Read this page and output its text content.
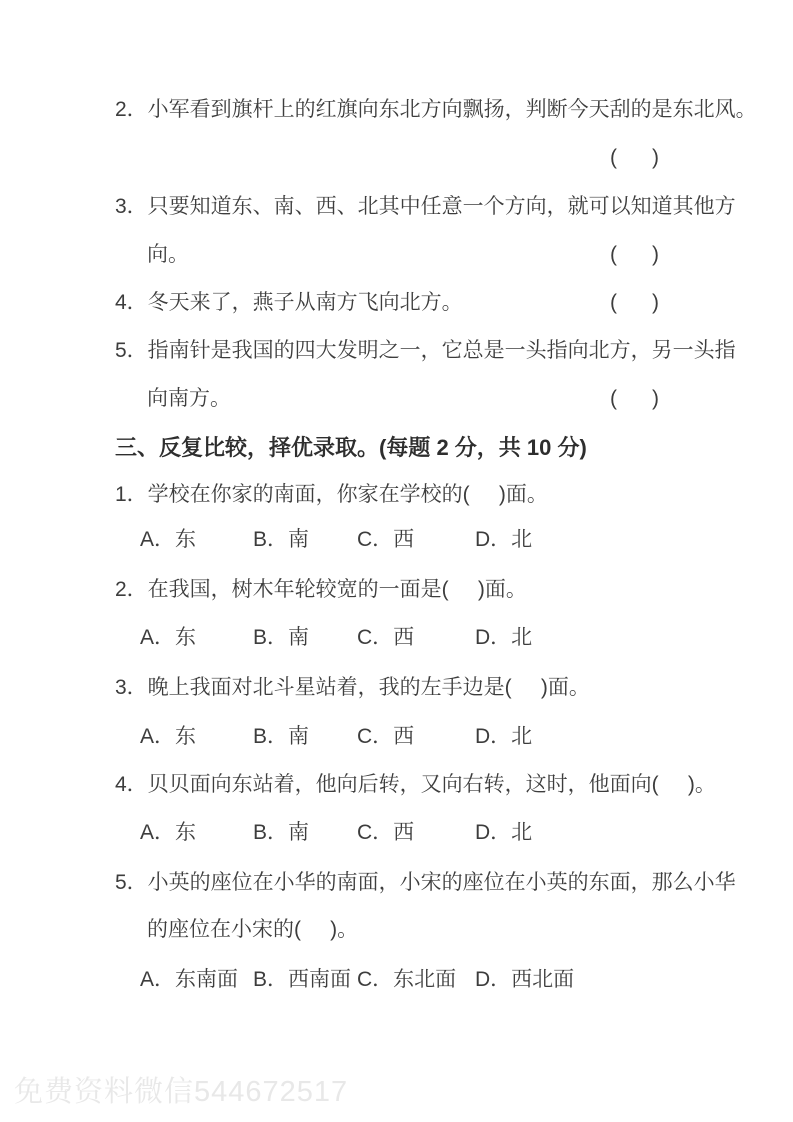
2．小军看到旗杆上的红旗向东北方向飘扬，判断今天刮的是东北风。
(      )
3．只要知道东、南、西、北其中任意一个方向，就可以知道其他方
向。	(      )
4．冬天来了，燕子从南方飞向北方。	(      )
5．指南针是我国的四大发明之一，它总是一头指向北方，另一头指
向南方。	(      )
三、反复比较，择优录取。(每题 2 分，共 10 分)
1．学校在你家的南面，你家在学校的(     )面。
A．东	B．南 C．西	D．北
2．在我国，树木年轮较宽的一面是(     )面。
A．东	B．南 C．西	D．北
3．晚上我面对北斗星站着，我的左手边是(     )面。
A．东	B．南 C．西	D．北
4．贝贝面向东站着，他向后转，又向右转，这时，他面向(     )。
A．东	B．南 C．西	D．北
5．小英的座位在小华的南面，小宋的座位在小英的东面，那么小华
的座位在小宋的(     )。
A．东南面 B．西南面 C．东北面 D．西北面
免费资料微信544672517
